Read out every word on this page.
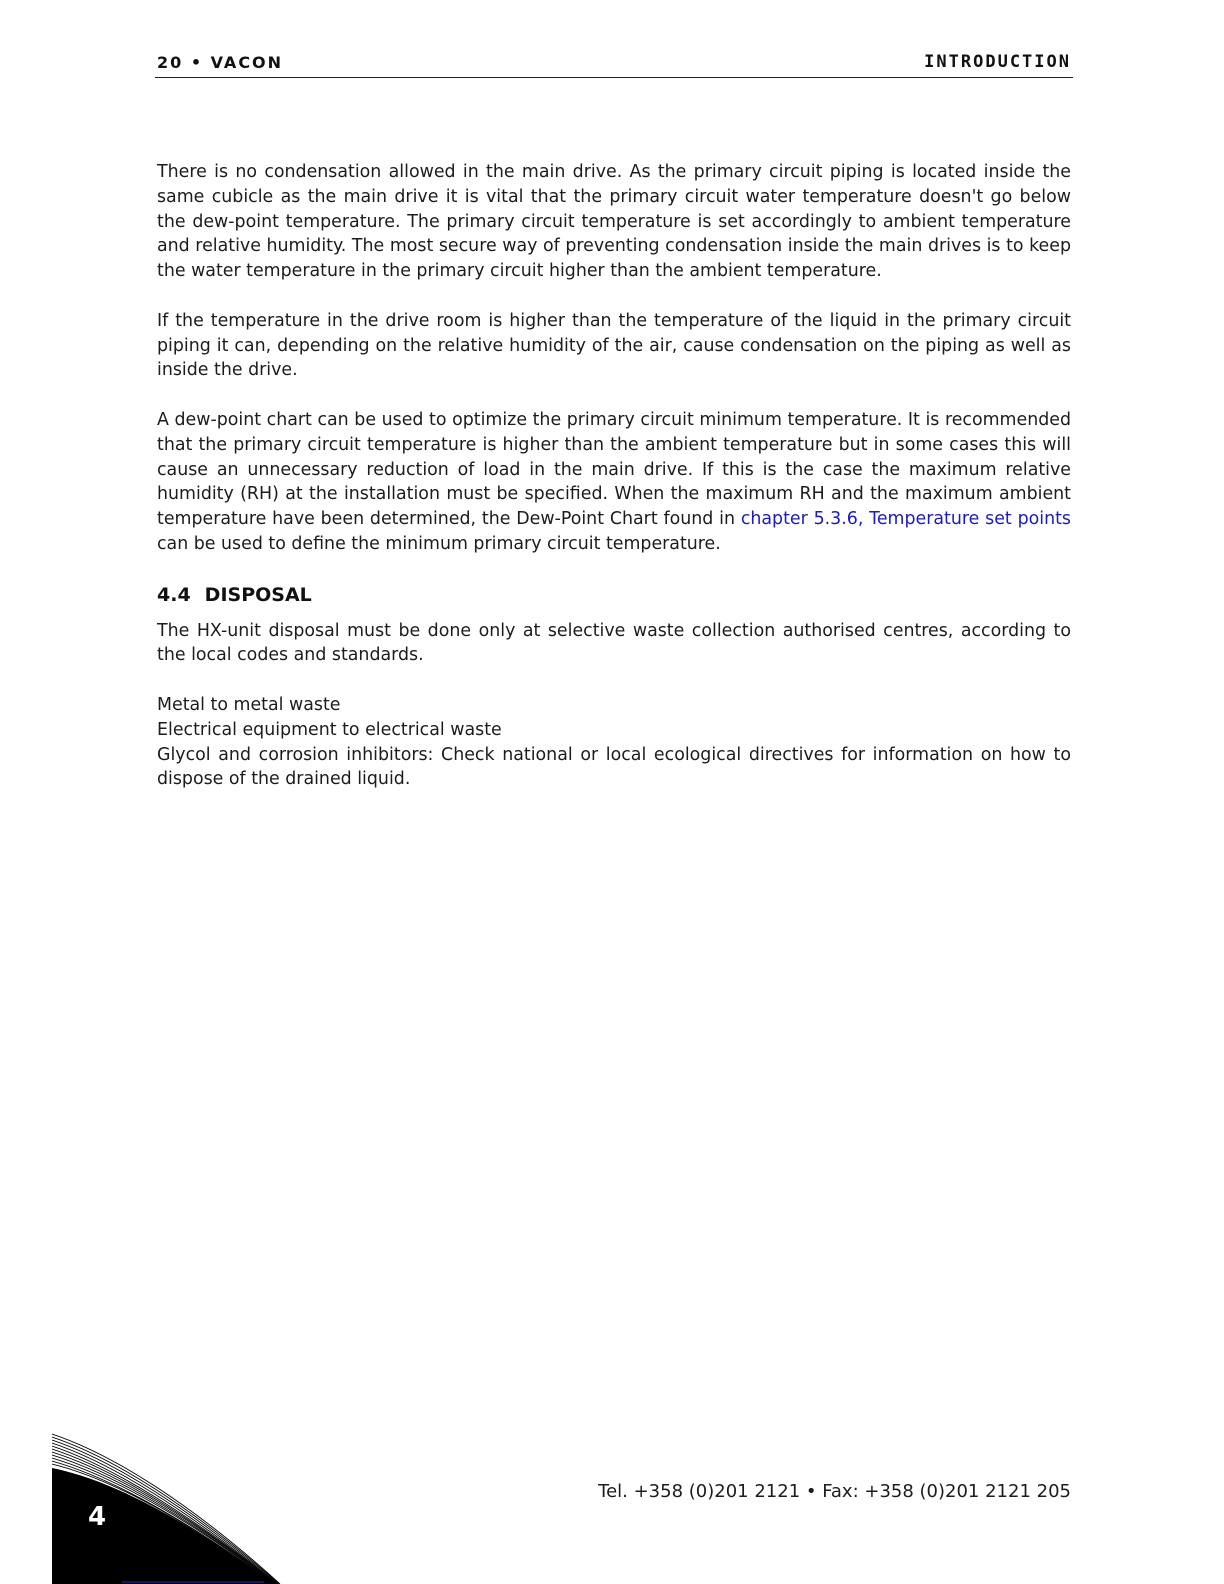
20 • VACON	INTRODUCTION

There is no condensation allowed in the main drive. As the primary circuit piping is located inside the same cubicle as the main drive it is vital that the primary circuit water temperature doesn't go below the dew-point temperature. The primary circuit temperature is set accordingly to ambient temperature and relative humidity. The most secure way of preventing condensation inside the main drives is to keep the water temperature in the primary circuit higher than the ambient temperature.

If the temperature in the drive room is higher than the temperature of the liquid in the primary circuit piping it can, depending on the relative humidity of the air, cause condensation on the piping as well as inside the drive.

A dew-point chart can be used to optimize the primary circuit minimum temperature. It is recommended that the primary circuit temperature is higher than the ambient temperature but in some cases this will cause an unnecessary reduction of load in the main drive. If this is the case the maximum relative humidity (RH) at the installation must be specified. When the maximum RH and the maximum ambient temperature have been determined, the Dew-Point Chart found in chapter 5.3.6, Temperature set points can be used to define the minimum primary circuit temperature.

4.4 DISPOSAL

The HX-unit disposal must be done only at selective waste collection authorised centres, according to the local codes and standards.

Metal to metal waste

Electrical equipment to electrical waste

Glycol and corrosion inhibitors: Check national or local ecological directives for information on how to dispose of the drained liquid.

Tel. +358 (0)201 2121 • Fax: +358 (0)201 2121 205
4
